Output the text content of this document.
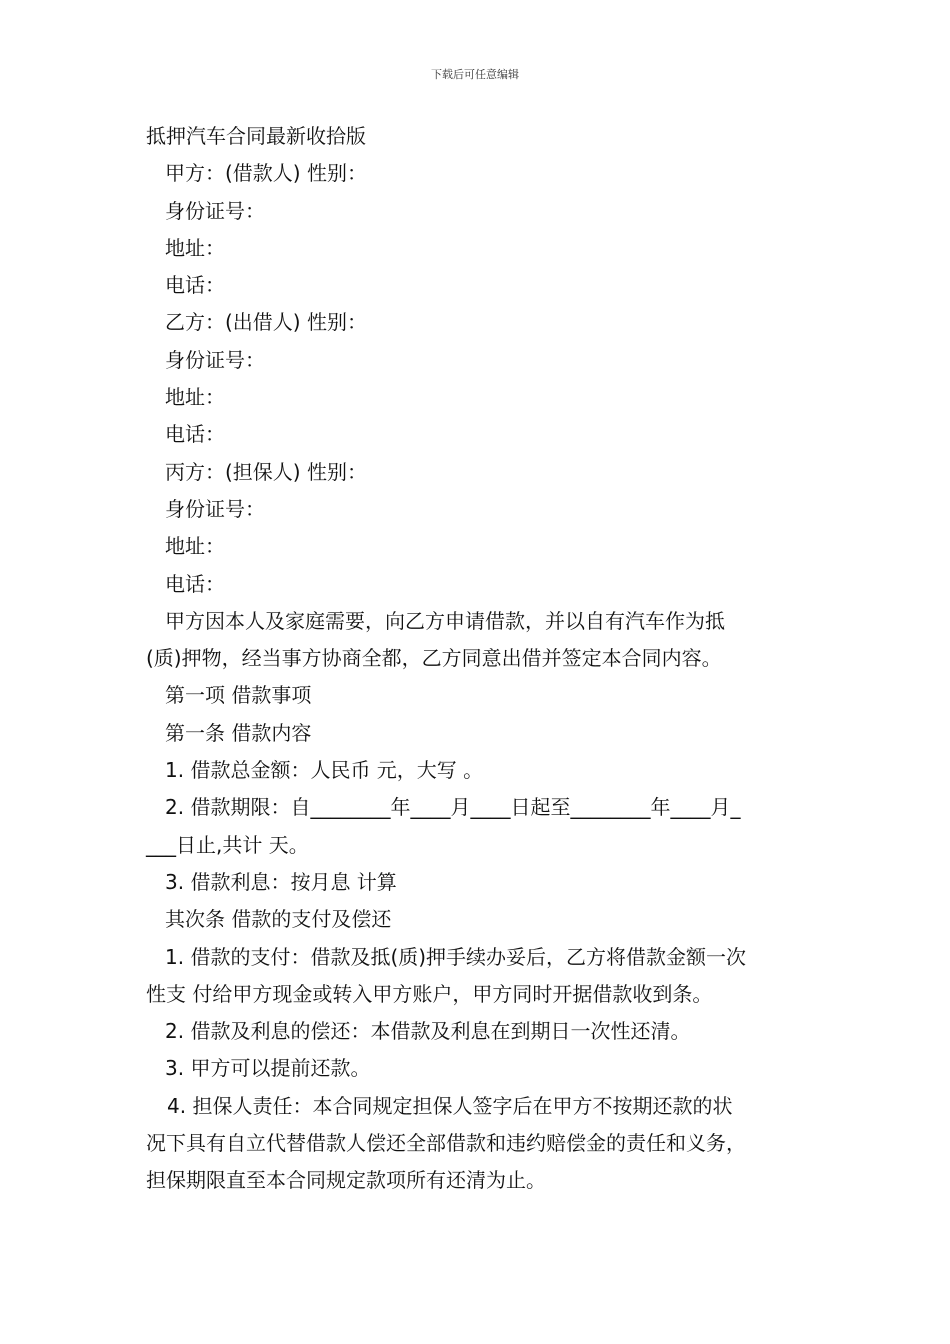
下载后可任意编辑

抵押汽车合同最新收拾版

甲方：(借款人) 性别：

身份证号：

地址：

电话：

乙方：(出借人) 性别：

身份证号：

地址：

电话：

丙方：(担保人) 性别：

身份证号：

地址：

电话：

甲方因本人及家庭需要，向乙方申请借款，并以自有汽车作为抵

(质)押物，经当事方协商全都，乙方同意出借并签定本合同内容。

第一项 借款事项

第一条 借款内容

1. 借款总金额：人民币 元，大写 。

2. 借款期限：自________年____月____日起至________年____月_

___日止,共计 天。

3. 借款利息：按月息 计算

其次条 借款的支付及偿还

1. 借款的支付：借款及抵(质)押手续办妥后，乙方将借款金额一次

性支 付给甲方现金或转入甲方账户，甲方同时开据借款收到条。

2. 借款及利息的偿还：本借款及利息在到期日一次性还清。

3. 甲方可以提前还款。

4. 担保人责任：本合同规定担保人签字后在甲方不按期还款的状

况下具有自立代替借款人偿还全部借款和违约赔偿金的责任和义务，

担保期限直至本合同规定款项所有还清为止。
